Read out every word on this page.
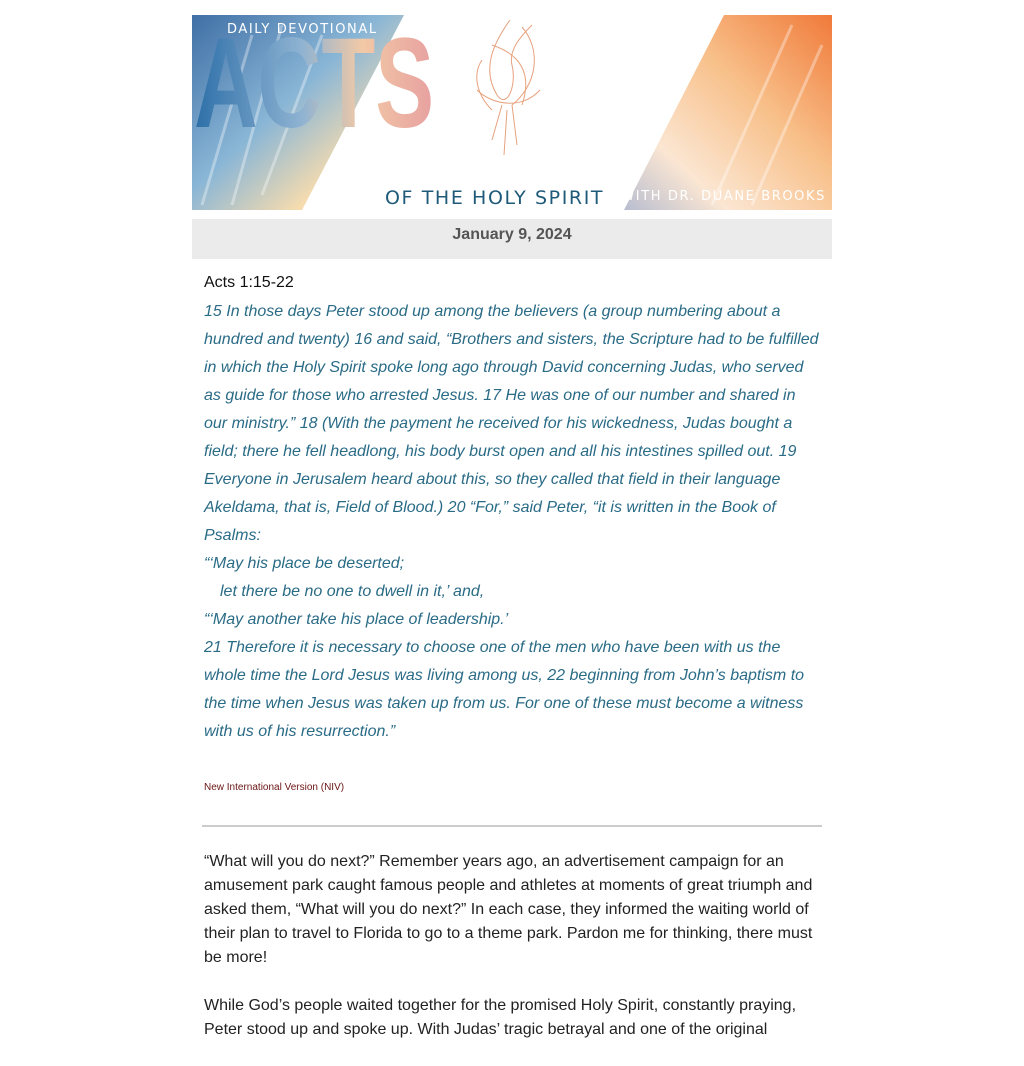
DAILY DEVOTIONAL
ACTS
OF THE HOLY SPIRIT WITH DR. DUANE BROOKS
January 9, 2024
Acts 1:15-22

15 In those days Peter stood up among the believers (a group numbering about a hundred and twenty) 16 and said, “Brothers and sisters, the Scripture had to be fulfilled in which the Holy Spirit spoke long ago through David concerning Judas, who served as guide for those who arrested Jesus. 17 He was one of our number and shared in our ministry.” 18 (With the payment he received for his wickedness, Judas bought a field; there he fell headlong, his body burst open and all his intestines spilled out. 19 Everyone in Jerusalem heard about this, so they called that field in their language Akeldama, that is, Field of Blood.) 20 “For,” said Peter, “it is written in the Book of Psalms:

“‘May his place be deserted;

let there be no one to dwell in it,’ and,

“‘May another take his place of leadership.’

21 Therefore it is necessary to choose one of the men who have been with us the whole time the Lord Jesus was living among us, 22 beginning from John’s baptism to the time when Jesus was taken up from us. For one of these must become a witness with us of his resurrection.”

New International Version (NIV)

“What will you do next?” Remember years ago, an advertisement campaign for an amusement park caught famous people and athletes at moments of great triumph and asked them, “What will you do next?” In each case, they informed the waiting world of their plan to travel to Florida to go to a theme park. Pardon me for thinking, there must be more!

While God’s people waited together for the promised Holy Spirit, constantly praying, Peter stood up and spoke up. With Judas’ tragic betrayal and one of the original
